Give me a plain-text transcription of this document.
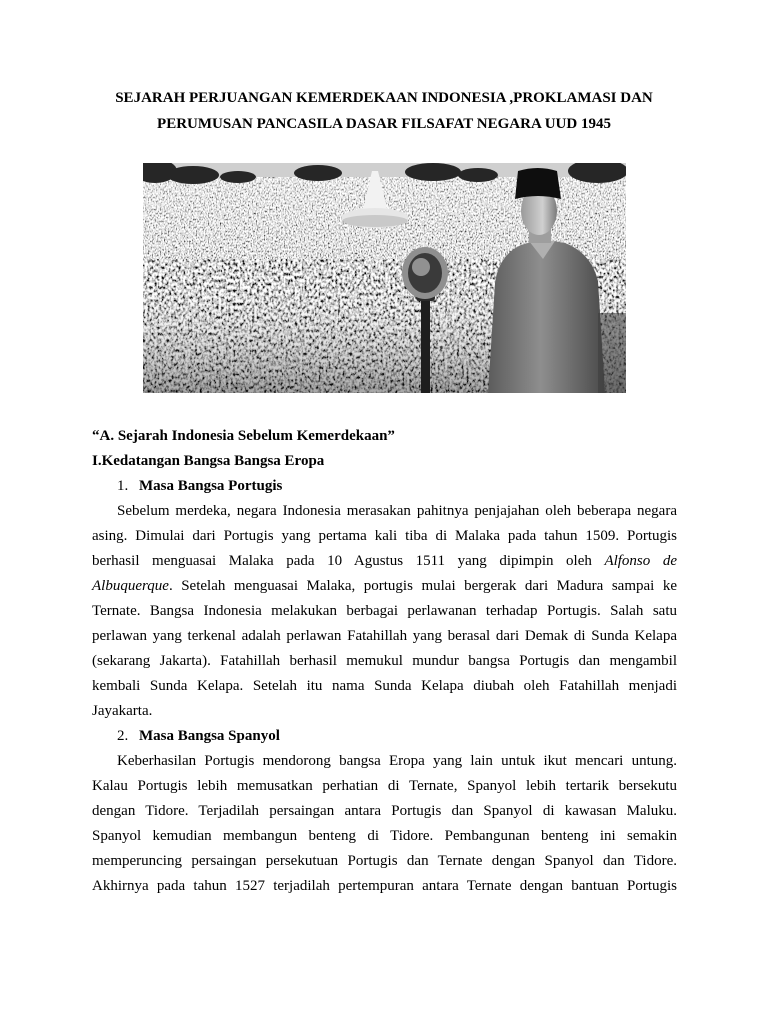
SEJARAH PERJUANGAN KEMERDEKAAN INDONESIA ,PROKLAMASI DAN
PERUMUSAN PANCASILA DASAR FILSAFAT NEGARA UUD 1945
“A. Sejarah Indonesia Sebelum Kemerdekaan”
I.Kedatangan Bangsa Bangsa Eropa
1. Masa Bangsa Portugis
Sebelum merdeka, negara Indonesia merasakan pahitnya penjajahan oleh beberapa negara
asing. Dimulai dari Portugis yang pertama kali tiba di Malaka pada tahun 1509. Portugis
berhasil menguasai Malaka pada 10 Agustus 1511 yang dipimpin oleh Alfonso de
Albuquerque. Setelah menguasai Malaka, portugis mulai bergerak dari Madura sampai ke
Ternate. Bangsa Indonesia melakukan berbagai perlawanan terhadap Portugis. Salah satu
perlawan yang terkenal adalah perlawan Fatahillah yang berasal dari Demak di Sunda Kelapa
(sekarang Jakarta). Fatahillah berhasil memukul mundur bangsa Portugis dan mengambil
kembali Sunda Kelapa. Setelah itu nama Sunda Kelapa diubah oleh Fatahillah menjadi
Jayakarta.
2. Masa Bangsa Spanyol
Keberhasilan Portugis mendorong bangsa Eropa yang lain untuk ikut mencari untung.
Kalau Portugis lebih memusatkan perhatian di Ternate, Spanyol lebih tertarik bersekutu
dengan Tidore. Terjadilah persaingan antara Portugis dan Spanyol di kawasan Maluku.
Spanyol kemudian membangun benteng di Tidore. Pembangunan benteng ini semakin
memperuncing persaingan persekutuan Portugis dan Ternate dengan Spanyol dan Tidore.
Akhirnya pada tahun 1527 terjadilah pertempuran antara Ternate dengan bantuan Portugis
